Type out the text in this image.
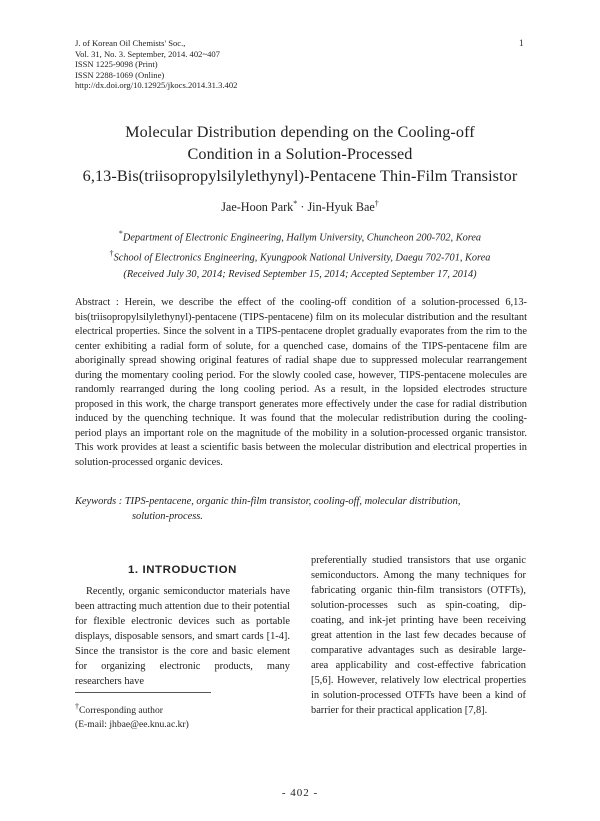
J. of Korean Oil Chemists' Soc.,
Vol. 31, No. 3. September, 2014. 402~407
ISSN 1225-9098 (Print)
ISSN 2288-1069 (Online)
http://dx.doi.org/10.12925/jkocs.2014.31.3.402
1
Molecular Distribution depending on the Cooling-off
Condition in a Solution-Processed
6,13-Bis(triisopropylsilylethynyl)-Pentacene Thin-Film Transistor
Jae-Hoon Park* · Jin-Hyuk Bae†
*Department of Electronic Engineering, Hallym University, Chuncheon 200-702, Korea
†School of Electronics Engineering, Kyungpook National University, Daegu 702-701, Korea
(Received July 30, 2014; Revised September 15, 2014; Accepted September 17, 2014)
Abstract : Herein, we describe the effect of the cooling-off condition of a solution-processed 6,13-bis(triisopropylsilylethynyl)-pentacene (TIPS-pentacene) film on its molecular distribution and the resultant electrical properties. Since the solvent in a TIPS-pentacene droplet gradually evaporates from the rim to the center exhibiting a radial form of solute, for a quenched case, domains of the TIPS-pentacene film are aboriginally spread showing original features of radial shape due to suppressed molecular rearrangement during the momentary cooling period. For the slowly cooled case, however, TIPS-pentacene molecules are randomly rearranged during the long cooling period. As a result, in the lopsided electrodes structure proposed in this work, the charge transport generates more effectively under the case for radial distribution induced by the quenching technique. It was found that the molecular redistribution during the cooling-period plays an important role on the magnitude of the mobility in a solution-processed organic transistor. This work provides at least a scientific basis between the molecular distribution and electrical properties in solution-processed organic devices.
Keywords : TIPS-pentacene, organic thin-film transistor, cooling-off, molecular distribution,
solution-process.
1. INTRODUCTION
Recently, organic semiconductor materials have been attracting much attention due to their potential for flexible electronic devices such as portable displays, disposable sensors, and smart cards [1-4]. Since the transistor is the core and basic element for organizing electronic products, many researchers have
preferentially studied transistors that use organic semiconductors. Among the many techniques for fabricating organic thin-film transistors (OTFTs), solution-processes such as spin-coating, dip-coating, and ink-jet printing have been receiving great attention in the last few decades because of comparative advantages such as desirable large-area applicability and cost-effective fabrication [5,6]. However, relatively low electrical properties in solution-processed OTFTs have been a kind of barrier for their practical application [7,8].
†Corresponding author
(E-mail: jhbae@ee.knu.ac.kr)
- 402 -
